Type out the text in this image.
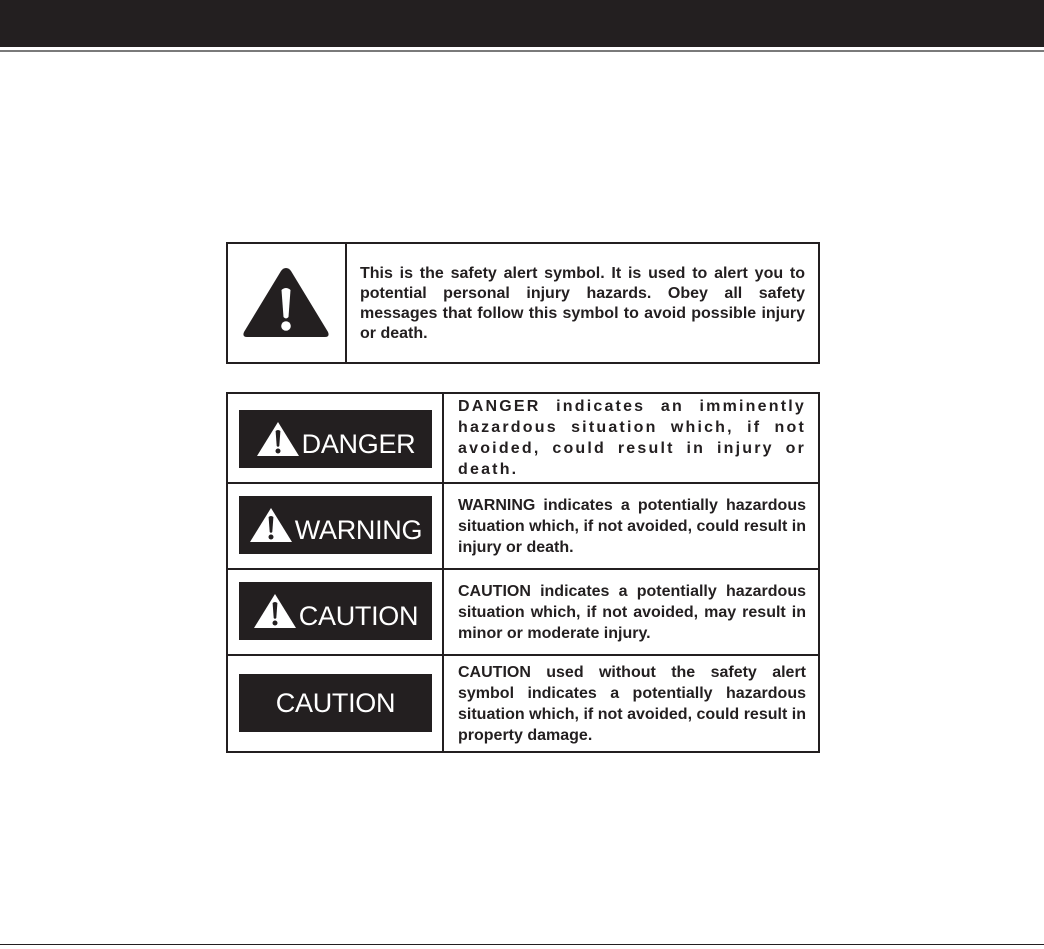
This is the safety alert symbol. It is used to alert you to potential personal injury hazards. Obey all safety messages that follow this symbol to avoid possible injury or death.

DANGER

DANGER indicates an imminently hazardous situation which, if not avoided, could result in injury or death.

WARNING

WARNING indicates a potentially hazardous situation which, if not avoided, could result in injury or death.

CAUTION

CAUTION indicates a potentially hazardous situation which, if not avoided, may result in minor or moderate injury.

CAUTION

CAUTION used without the safety alert symbol indicates a potentially hazardous situation which, if not avoided, could result in property damage.
